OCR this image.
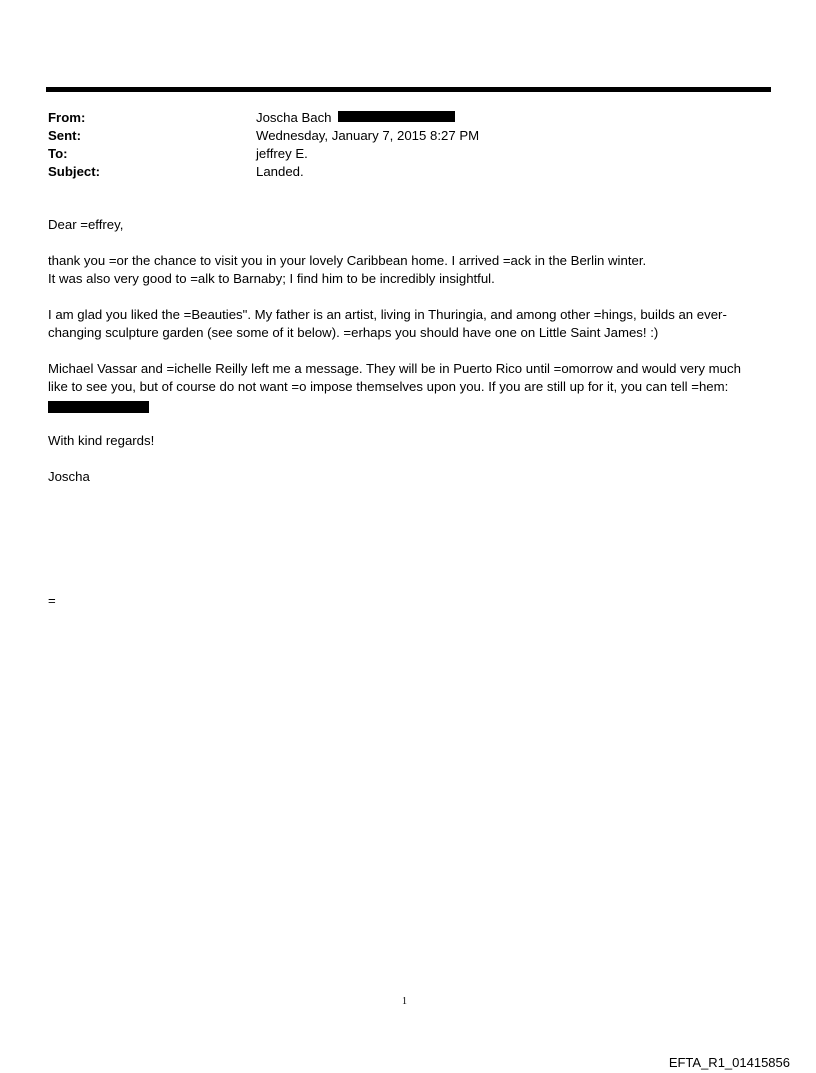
From:	Joscha Bach
Sent:	Wednesday, January 7, 2015 8:27 PM
To:	jeffrey E.
Subject:	Landed.

Dear =effrey,

thank you =or the chance to visit you in your lovely Caribbean home. I arrived =ack in the Berlin winter.

It was also very good to =alk to Barnaby; I find him to be incredibly insightful.

I am glad you liked the =Beauties". My father is an artist, living in Thuringia, and among other =hings, builds an ever-

changing sculpture garden (see some of it below). =erhaps you should have one on Little Saint James! :)

Michael Vassar and =ichelle Reilly left me a message. They will be in Puerto Rico until =omorrow and would very much

like to see you, but of course do not want =o impose themselves upon you. If you are still up for it, you can tell =hem:

With kind regards!

Joscha

=
1
EFTA_R1_01415856
